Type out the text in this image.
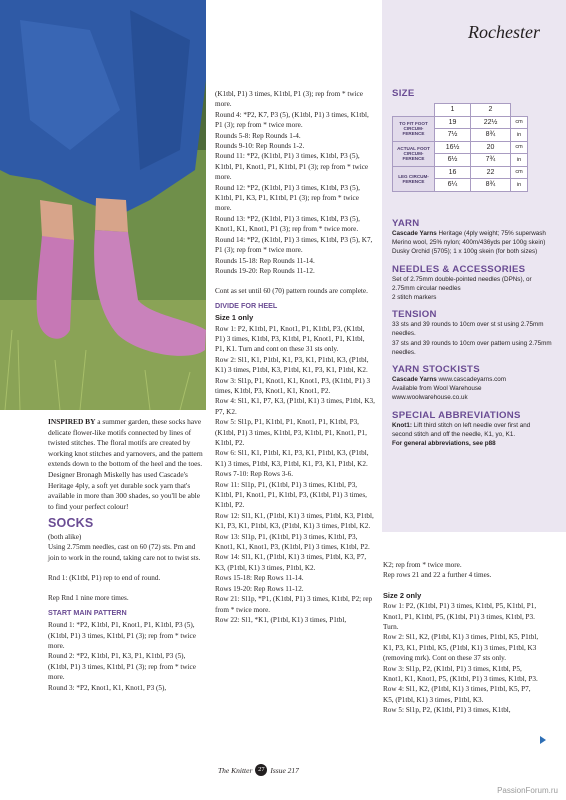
INSPIRED BY a summer garden, these socks have delicate flower-like motifs connected by lines of twisted stitches. The floral motifs are created by working knot stitches and yarnovers, and the pattern extends down to the bottom of the heel and the toes. Designer Bronagh Miskelly has used Cascade's Heritage 4ply, a soft yet durable sock yarn that's available in more than 300 shades, so you'll be able to find your perfect colour!

SOCKS

(both alike)

Using 2.75mm needles, cast on 60 (72) sts. Pm and join to work in the round, taking care not to twist sts.

Rnd 1: (K1tbl, P1) rep to end of round.

Rep Rnd 1 nine more times.

START MAIN PATTERN

Round 1: *P2, K1tbl, P1, Knot1, P1, K1tbl, P3 (5), (K1tbl, P1) 3 times, K1tbl, P1 (3); rep from * twice more.

Round 2: *P2, K1tbl, P1, K3, P1, K1tbl, P3 (5), (K1tbl, P1) 3 times, K1tbl, P1 (3); rep from * twice more.

Round 3: *P2, Knot1, K1, Knot1, P3 (5),

(K1tbl, P1) 3 times, K1tbl, P1 (3); rep from * twice more.

Round 4: *P2, K7, P3 (5), (K1tbl, P1) 3 times, K1tbl, P1 (3); rep from * twice more.

Rounds 5-8: Rep Rounds 1-4.

Rounds 9-10: Rep Rounds 1-2.

Round 11: *P2, (K1tbl, P1) 3 times, K1tbl, P3 (5), K1tbl, P1, Knot1, P1, K1tbl, P1 (3); rep from * twice more.

Round 12: *P2, (K1tbl, P1) 3 times, K1tbl, P3 (5), K1tbl, P1, K3, P1, K1tbl, P1 (3); rep from * twice more.

Round 13: *P2, (K1tbl, P1) 3 times, K1tbl, P3 (5), Knot1, K1, Knot1, P1 (3); rep from * twice more.

Round 14: *P2, (K1tbl, P1) 3 times, K1tbl, P3 (5), K7, P1 (3); rep from * twice more.

Rounds 15-18: Rep Rounds 11-14.

Rounds 19-20: Rep Rounds 11-12.

Cont as set until 60 (70) pattern rounds are complete.

DIVIDE FOR HEEL

Size 1 only

Row 1: P2, K1tbl, P1, Knot1, P1, K1tbl, P3, (K1tbl, P1) 3 times, K1tbl, P3, K1tbl, P1, Knot1, P1, K1tbl, P1, K1. Turn and cont on these 31 sts only.

Row 2: Sl1, K1, P1tbl, K1, P3, K1, P1tbl, K3, (P1tbl, K1) 3 times, P1tbl, K3, P1tbl, K1, P3, K1, P1tbl, K2.

Row 3: Sl1p, P1, Knot1, K1, Knot1, P3, (K1tbl, P1) 3 times, K1tbl, P3, Knot1, K1, Knot1, P2.

Row 4: Sl1, K1, P7, K3, (P1tbl, K1) 3 times, P1tbl, K3, P7, K2.

Row 5: Sl1p, P1, K1tbl, P1, Knot1, P1, K1tbl, P3, (K1tbl, P1) 3 times, K1tbl, P3, K1tbl, P1, Knot1, P1, K1tbl, P2.

Row 6: Sl1, K1, P1tbl, K1, P3, K1, P1tbl, K3, (P1tbl, K1) 3 times, P1tbl, K3, P1tbl, K1, P3, K1, P1tbl, K2.

Rows 7-10: Rep Rows 3-6.

Row 11: Sl1p, P1, (K1tbl, P1) 3 times, K1tbl, P3, K1tbl, P1, Knot1, P1, K1tbl, P3, (K1tbl, P1) 3 times, K1tbl, P2.

Row 12: Sl1, K1, (P1tbl, K1) 3 times, P1tbl, K3, P1tbl, K1, P3, K1, P1tbl, K3, (P1tbl, K1) 3 times, P1tbl, K2.

Row 13: Sl1p, P1, (K1tbl, P1) 3 times, K1tbl, P3, Knot1, K1, Knot1, P3, (K1tbl, P1) 3 times, K1tbl, P2.

Row 14: Sl1, K1, (P1tbl, K1) 3 times, P1tbl, K3, P7, K3, (P1tbl, K1) 3 times, P1tbl, K2.

Rows 15-18: Rep Rows 11-14.

Rows 19-20: Rep Rows 11-12.

Row 21: Sl1p, *P1, (K1tbl, P1) 3 times, K1tbl, P2; rep from * twice more.

Row 22: Sl1, *K1, (P1tbl, K1) 3 times, P1tbl,

Rochester
SIZE
	1	2	
TO FIT FOOT CIRCUM-FERENCE	19	22½	cm
	7½	8¾	in
ACTUAL FOOT CIRCUM-FERENCE	16½	20	cm
	6½	7¾	in
LEG CIRCUM-FERENCE	16	22	cm
	6¼	8¾	in
YARN

Cascade Yarns Heritage (4ply weight; 75% superwash Merino wool, 25% nylon; 400m/436yds per 100g skein)

Dusky Orchid (5705); 1 x 100g skein (for both sizes)

NEEDLES & ACCESSORIES

Set of 2.75mm double-pointed needles (DPNs), or 2.75mm circular needles

2 stitch markers

TENSION

33 sts and 39 rounds to 10cm over st st using 2.75mm needles.

37 sts and 39 rounds to 10cm over pattern using 2.75mm needles.

YARN STOCKISTS

Cascade Yarns www.cascadeyarns.com

Available from Wool Warehouse

www.woolwarehouse.co.uk

SPECIAL ABBREVIATIONS

Knot1: Lift third stitch on left needle over first and second stitch and off the needle, K1, yo, K1.

For general abbreviations, see p88

K2; rep from * twice more.

Rep rows 21 and 22 a further 4 times.

Size 2 only

Row 1: P2, (K1tbl, P1) 3 times, K1tbl, P5, K1tbl, P1, Knot1, P1, K1tbl, P5, (K1tbl, P1) 3 times, K1tbl, P3. Turn.

Row 2: Sl1, K2, (P1tbl, K1) 3 times, P1tbl, K5, P1tbl, K1, P3, K1, P1tbl, K5, (P1tbl, K1) 3 times, P1tbl, K3 (removing mrk). Cont on these 37 sts only.

Row 3: Sl1p, P2, (K1tbl, P1) 3 times, K1tbl, P5, Knot1, K1, Knot1, P5, (K1tbl, P1) 3 times, K1tbl, P3.

Row 4: Sl1, K2, (P1tbl, K1) 3 times, P1tbl, K5, P7, K5, (P1tbl, K1) 3 times, P1tbl, K3.

Row 5: Sl1p, P2, (K1tbl, P1) 3 times, K1tbl,

The Knitter 27 Issue 217
PassionForum.ru
